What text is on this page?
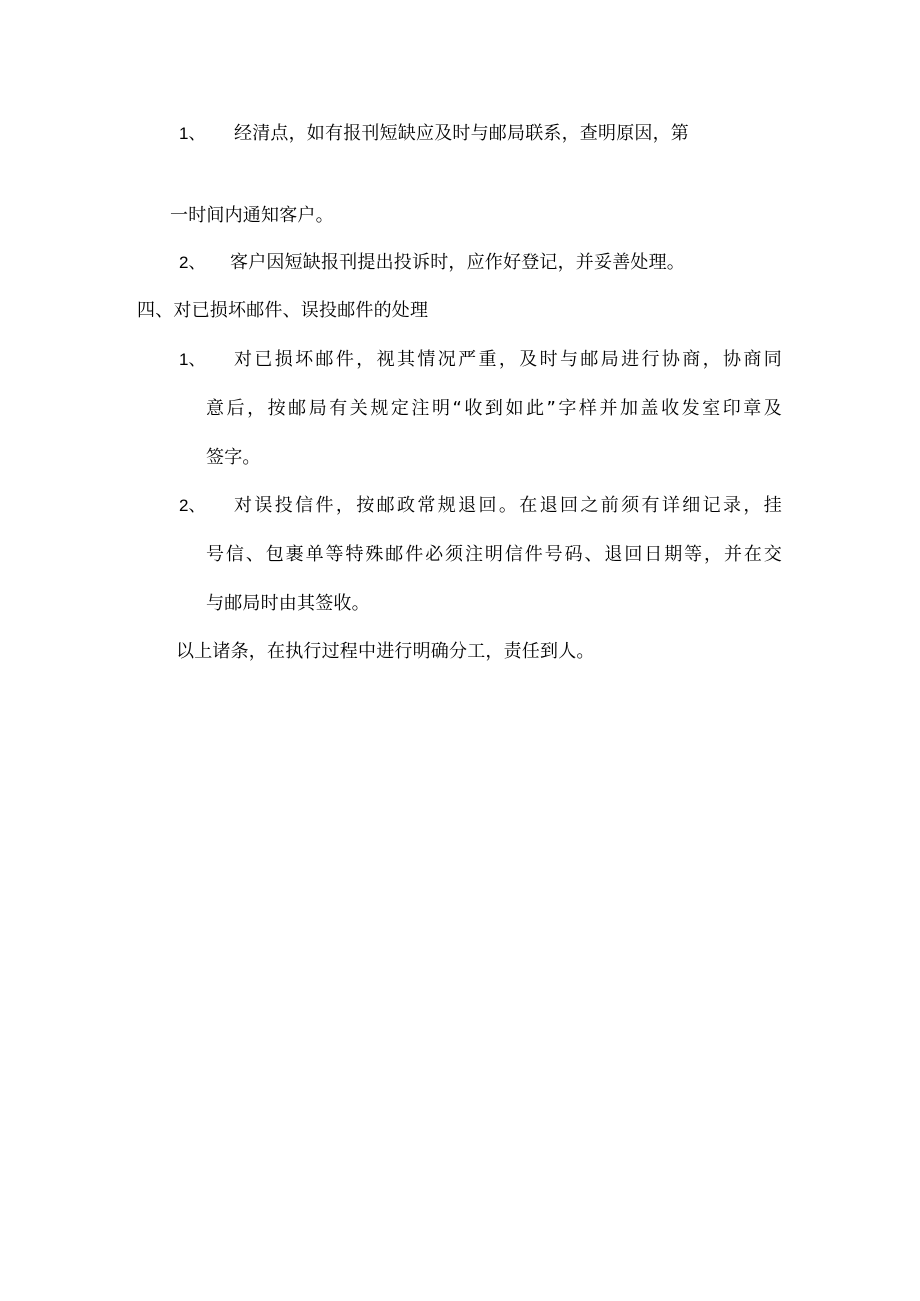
1、 经清点，如有报刊短缺应及时与邮局联系，查明原因，第
一时间内通知客户。
2、 客户因短缺报刊提出投诉时，应作好登记，并妥善处理。
四、对已损坏邮件、误投邮件的处理
1、 对已损坏邮件，视其情况严重，及时与邮局进行协商，协商同
意后，按邮局有关规定注明“收到如此”字样并加盖收发室印章及
签字。
2、 对误投信件，按邮政常规退回。在退回之前须有详细记录，挂
号信、包裹单等特殊邮件必须注明信件号码、退回日期等，并在交
与邮局时由其签收。
以上诸条，在执行过程中进行明确分工，责任到人。
